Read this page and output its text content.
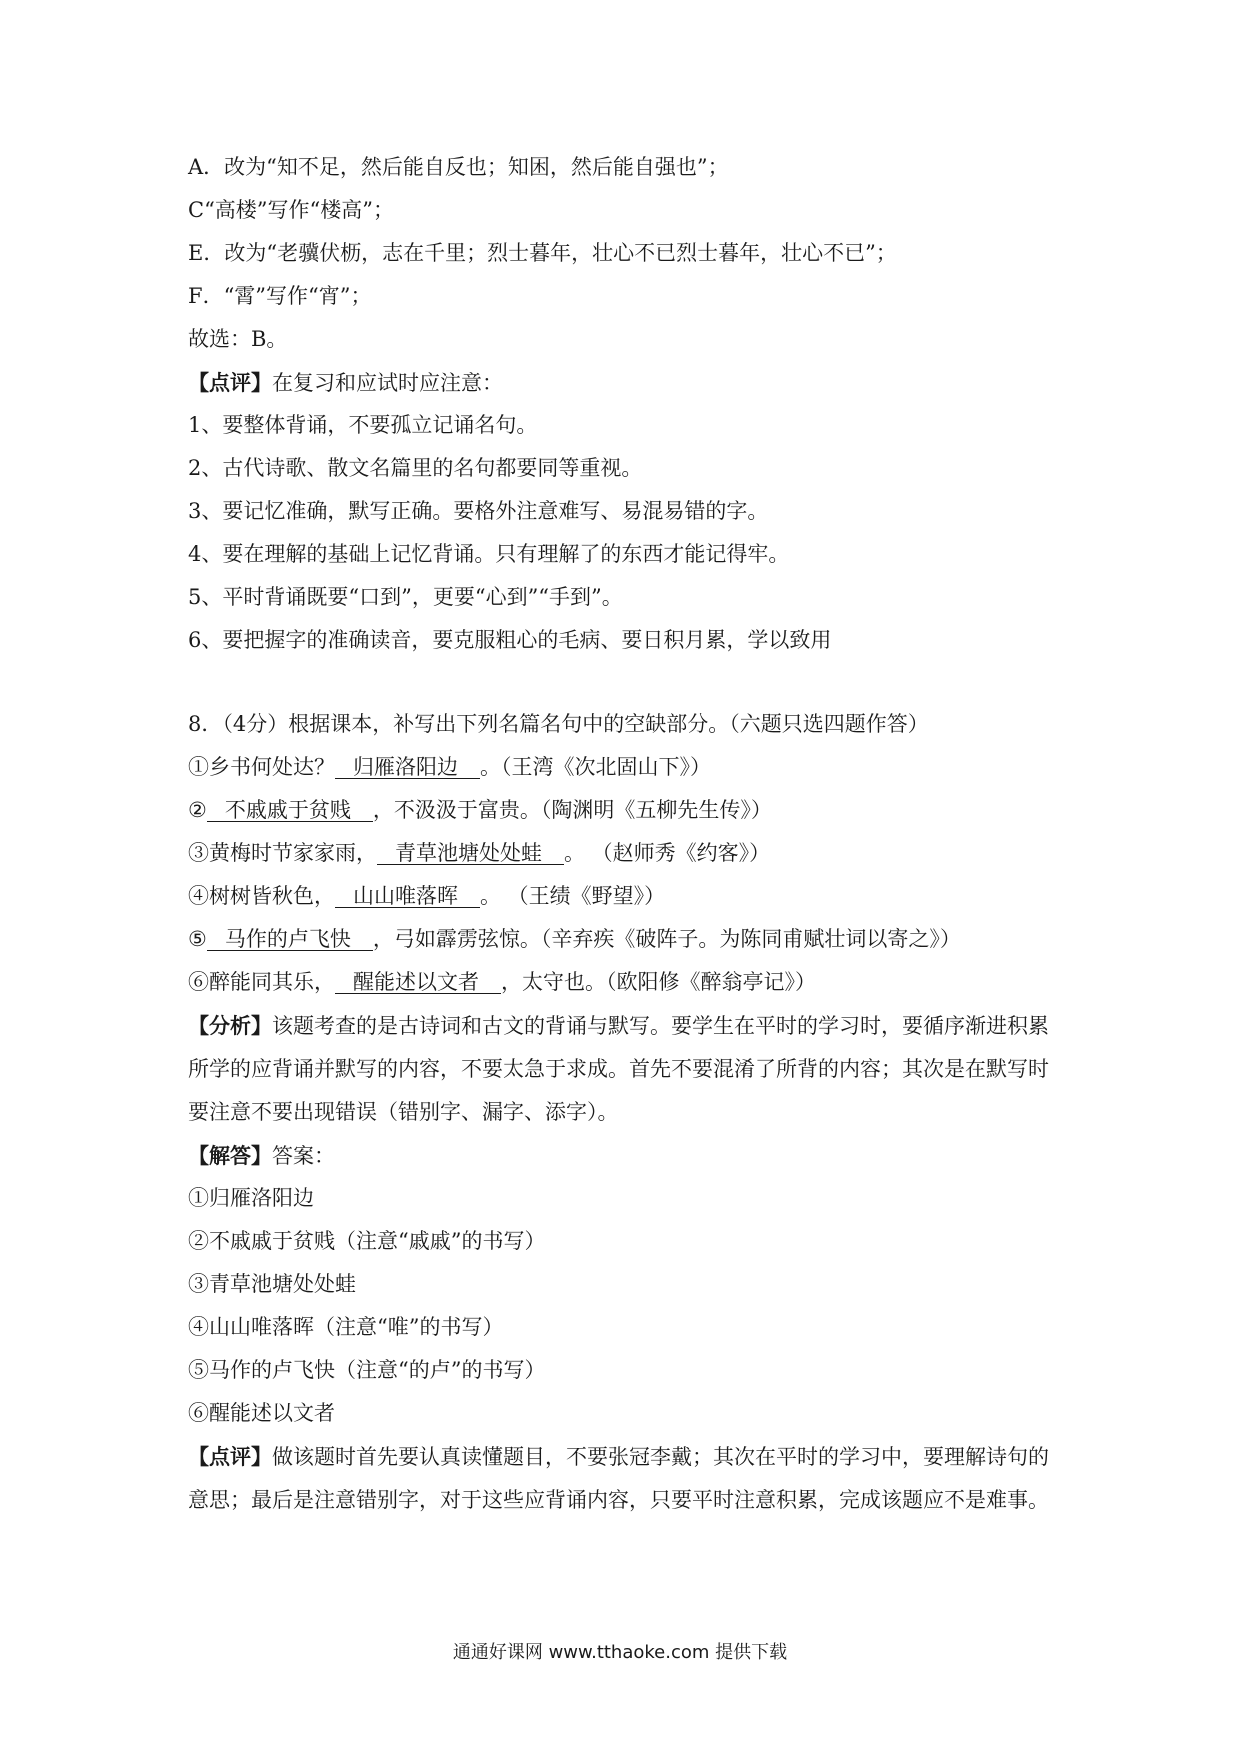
A．改为“知不足，然后能自反也；知困，然后能自强也”；
C“高楼”写作“楼高”；
E．改为“老骥伏枥，志在千里；烈士暮年，壮心不已烈士暮年，壮心不已”；
F．“霄”写作“宵”；
故选：B。
【点评】在复习和应试时应注意：
1、要整体背诵，不要孤立记诵名句。
2、古代诗歌、散文名篇里的名句都要同等重视。
3、要记忆准确，默写正确。要格外注意难写、易混易错的字。
4、要在理解的基础上记忆背诵。只有理解了的东西才能记得牢。
5、平时背诵既要“口到”，更要“心到”“手到”。
6、要把握字的准确读音，要克服粗心的毛病、要日积月累，学以致用
8．（4分）根据课本，补写出下列名篇名句中的空缺部分。（六题只选四题作答）
①乡书何处达？ 归雁洛阳边 。（王湾《次北固山下》）
② 不戚戚于贫贱 ，不汲汲于富贵。（陶渊明《五柳先生传》）
③黄梅时节家家雨， 青草池塘处处蛙 。 （赵师秀《约客》）
④树树皆秋色， 山山唯落晖 。 （王绩《野望》）
⑤ 马作的卢飞快 ，弓如霹雳弦惊。（辛弃疾《破阵子。为陈同甫赋壮词以寄之》）
⑥醉能同其乐， 醒能述以文者 ，太守也。（欧阳修《醉翁亭记》）
【分析】该题考查的是古诗词和古文的背诵与默写。要学生在平时的学习时，要循序渐进积累所学的应背诵并默写的内容，不要太急于求成。首先不要混淆了所背的内容；其次是在默写时要注意不要出现错误（错别字、漏字、添字）。
【解答】答案：
①归雁洛阳边
②不戚戚于贫贱（注意“戚戚”的书写）
③青草池塘处处蛙
④山山唯落晖（注意“唯”的书写）
⑤马作的卢飞快（注意“的卢”的书写）
⑥醒能述以文者
【点评】做该题时首先要认真读懂题目，不要张冠李戴；其次在平时的学习中，要理解诗句的意思；最后是注意错别字，对于这些应背诵内容，只要平时注意积累，完成该题应不是难事。
通通好课网 www.tthaoke.com 提供下载
